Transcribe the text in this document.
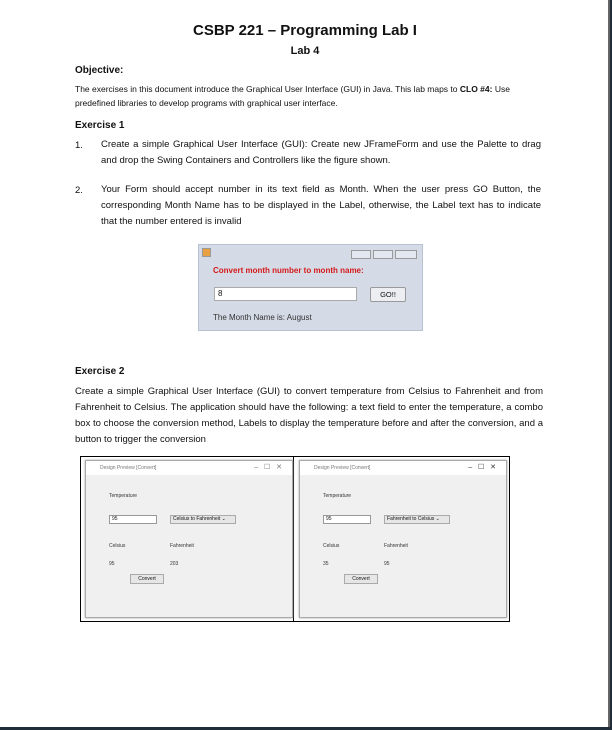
CSBP 221 – Programming Lab I
Lab 4
Objective:
The exercises in this document introduce the Graphical User Interface (GUI) in Java. This lab maps to CLO #4: Use predefined libraries to develop programs with graphical user interface.
Exercise 1
1. Create a simple Graphical User Interface (GUI): Create new JFrameForm and use the Palette to drag and drop the Swing Containers and Controllers like the figure shown.
2. Your Form should accept number in its text field as Month. When the user press GO Button, the corresponding Month Name has to be displayed in the Label, otherwise, the Label text has to indicate that the number entered is invalid
Convert month number to month name:
8	GO!!
The Month Name is: August
Exercise 2
Create a simple Graphical User Interface (GUI) to convert temperature from Celsius to Fahrenheit and from Fahrenheit to Celsius. The application should have the following: a text field to enter the temperature, a combo box to choose the conversion method, Labels to display the temperature before and after the conversion, and a button to trigger the conversion
Design Preview [Convert]	–   ☐   ✕
Temperature
95	Celsius to Fahrenheit ⌄
Celsius	Fahrenheit
95	203
Convert
Design Preview [Convert]	–   ☐   ✕
Temperature
95	Fahrenheit to Celsius ⌄
Celsius	Fahrenheit
35	95
Convert
